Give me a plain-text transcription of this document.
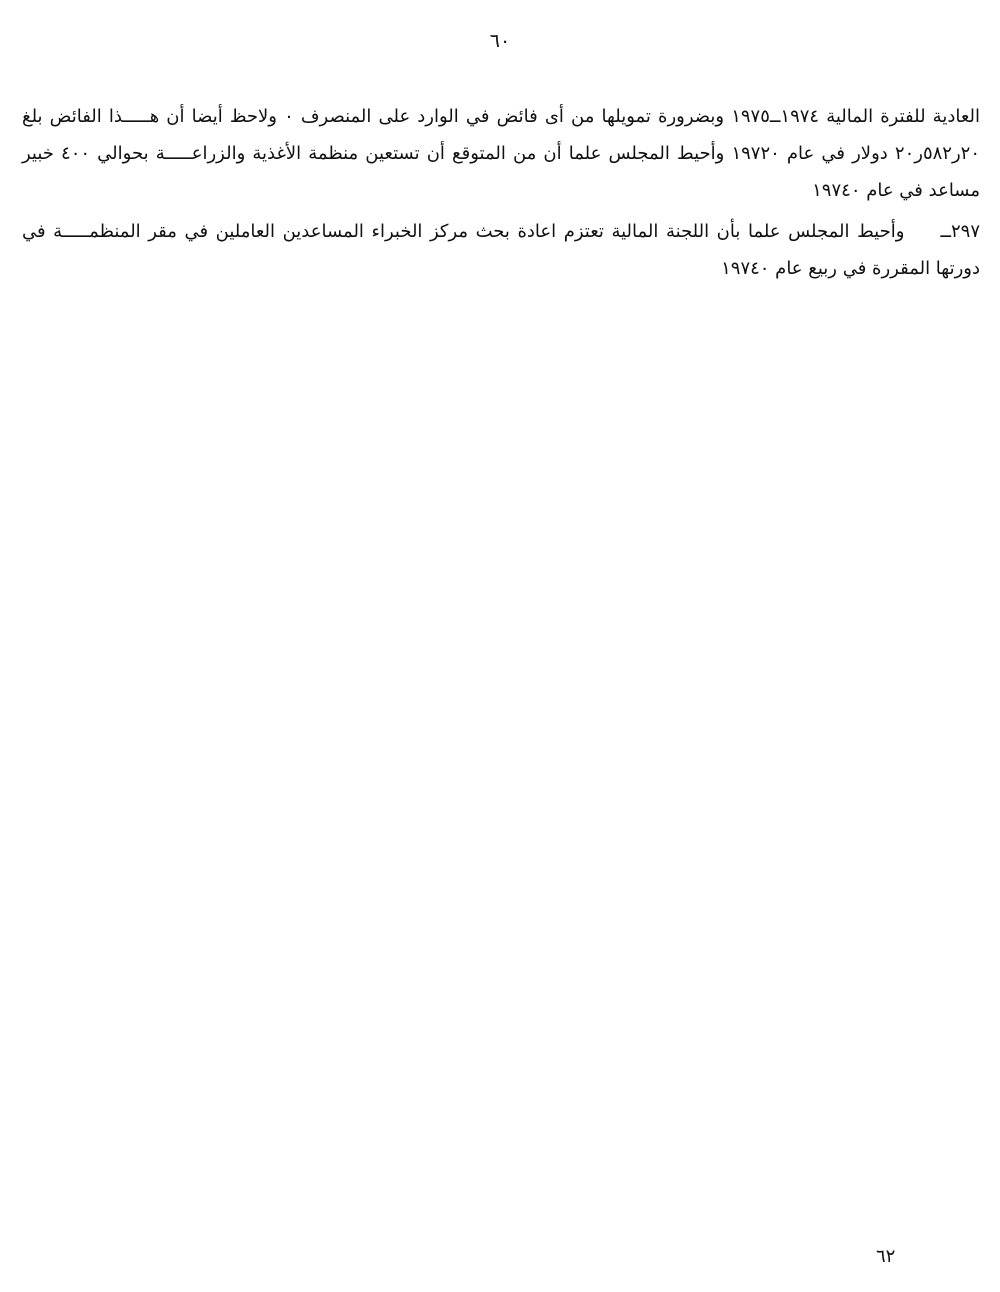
٦٠

العادية للفترة المالية ١٩٧٤ــ١٩٧٥ وبضرورة تمويلها من أى فائض في الوارد على المنصرف ٠ ولاحظ أيضا أن هـــــذا الفائض بلغ ٢٠ر٥٨٢ر٢٠ دولار في عام ١٩٧٢٠ وأحيط المجلس علما أن من المتوقع أن تستعين منظمة الأغذية والزراعـــــة بحوالي ٤٠٠ خبير مساعد في عام ١٩٧٤٠

٢٩٧ــوأحيط المجلس علما بأن اللجنة المالية تعتزم اعادة بحث مركز الخبراء المساعدين العاملين في مقر المنظمـــــة في دورتها المقررة في ربيع عام ١٩٧٤٠

٦٢
